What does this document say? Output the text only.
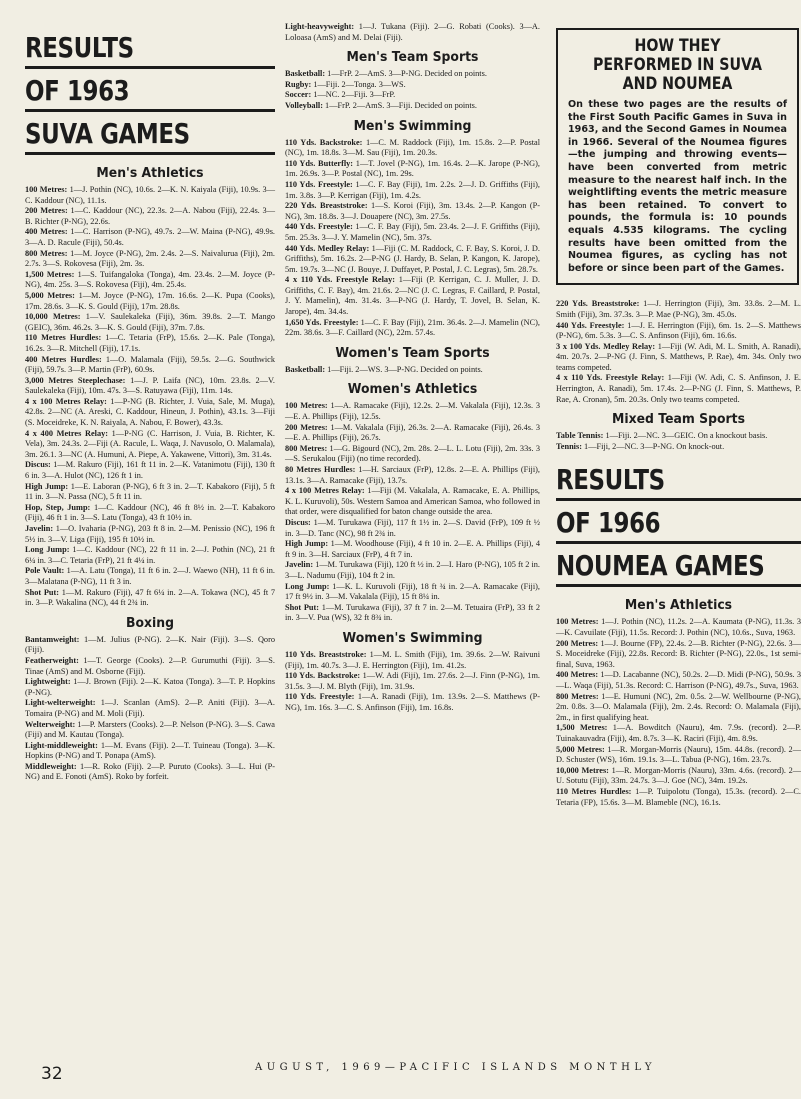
RESULTS
OF 1963
SUVA GAMES
Men's Athletics

100 Metres: 1—J. Pothin (NC), 10.6s. 2—K. N. Kaiyala (Fiji), 10.9s. 3—C. Kaddour (NC), 11.1s.

200 Metres: 1—C. Kaddour (NC), 22.3s. 2—A. Nabou (Fiji), 22.4s. 3—B. Richter (P-NG), 22.6s.

400 Metres: 1—C. Harrison (P-NG), 49.7s. 2—W. Maina (P-NG), 49.9s. 3—A. D. Racule (Fiji), 50.4s.

800 Metres: 1—M. Joyce (P-NG), 2m. 2.4s. 2—S. Naivalurua (Fiji), 2m. 2.7s. 3—S. Rokovesa (Fiji), 2m. 3s.

1,500 Metres: 1—S. Tuifangaloka (Tonga), 4m. 23.4s. 2—M. Joyce (P-NG), 4m. 25s. 3—S. Rokovesa (Fiji), 4m. 25.4s.

5,000 Metres: 1—M. Joyce (P-NG), 17m. 16.6s. 2—K. Pupa (Cooks), 17m. 28.6s. 3—K. S. Gould (Fiji), 17m. 28.8s.

10,000 Metres: 1—V. Saulekaleka (Fiji), 36m. 39.8s. 2—T. Mango (GEIC), 36m. 46.2s. 3—K. S. Gould (Fiji), 37m. 7.8s.

110 Metres Hurdles: 1—C. Tetaria (FrP), 15.6s. 2—K. Pale (Tonga), 16.2s. 3—R. Mitchell (Fiji), 17.1s.

400 Metres Hurdles: 1—O. Malamala (Fiji), 59.5s. 2—G. Southwick (Fiji), 59.7s. 3—P. Martin (FrP), 60.9s.

3,000 Metres Steeplechase: 1—J. P. Laifa (NC), 10m. 23.8s. 2—V. Saulekaleka (Fiji), 10m. 47s. 3—S. Ratuyawa (Fiji), 11m. 14s.

4 x 100 Metres Relay: 1—P-NG (B. Richter, J. Vuia, Sale, M. Muga), 42.8s. 2—NC (A. Areski, C. Kaddour, Hineun, J. Pothin), 43.1s. 3—Fiji (S. Moceidreke, K. N. Raiyala, A. Nabou, F. Bower), 43.3s.

4 x 400 Metres Relay: 1—P-NG (C. Harrison, J. Vuia, B. Richter, K. Vela), 3m. 24.3s. 2—Fiji (A. Racule, L. Waqa, J. Navusolo, O. Malamala), 3m. 26.1. 3—NC (A. Humuni, A. Piepe, A. Yakawene, Vittori), 3m. 31.4s.

Discus: 1—M. Rakuro (Fiji), 161 ft 11 in. 2—K. Vatanimotu (Fiji), 130 ft 6 in. 3—A. Hulot (NC), 126 ft 1 in.

High Jump: 1—E. Laboran (P-NG), 6 ft 3 in. 2—T. Kabakoro (Fiji), 5 ft 11 in. 3—N. Passa (NC), 5 ft 11 in.

Hop, Step, Jump: 1—C. Kaddour (NC), 46 ft 8½ in. 2—T. Kabakoro (Fiji), 46 ft 1 in. 3—S. Latu (Tonga), 43 ft 10½ in.

Javelin: 1—O. Ivaharia (P-NG), 203 ft 8 in. 2—M. Penissio (NC), 196 ft 5½ in. 3—V. Liga (Fiji), 195 ft 10½ in.

Long Jump: 1—C. Kaddour (NC), 22 ft 11 in. 2—J. Pothin (NC), 21 ft 6¼ in. 3—C. Tetaria (FrP), 21 ft 4¼ in.

Pole Vault: 1—A. Latu (Tonga), 11 ft 6 in. 2—J. Waewo (NH), 11 ft 6 in. 3—Malatana (P-NG), 11 ft 3 in.

Shot Put: 1—M. Rakuro (Fiji), 47 ft 6¼ in. 2—A. Tokawa (NC), 45 ft 7 in. 3—P. Wakalina (NC), 44 ft 2¾ in.

Boxing

Bantamweight: 1—M. Julius (P-NG). 2—K. Nair (Fiji). 3—S. Qoro (Fiji).

Featherweight: 1—T. George (Cooks). 2—P. Gurumuthi (Fiji). 3—S. Tinae (AmS) and M. Osborne (Fiji).

Lightweight: 1—J. Brown (Fiji). 2—K. Katoa (Tonga). 3—T. P. Hopkins (P-NG).

Light-welterweight: 1—J. Scanlan (AmS). 2—P. Aniti (Fiji). 3—A. Tomaira (P-NG) and M. Moli (Fiji).

Welterweight: 1—P. Marsters (Cooks). 2—P. Nelson (P-NG). 3—S. Cawa (Fiji) and M. Kautau (Tonga).

Light-middleweight: 1—M. Evans (Fiji). 2—T. Tuineau (Tonga). 3—K. Hopkins (P-NG) and T. Ponapa (AmS).

Middleweight: 1—R. Roko (Fiji). 2—P. Puruto (Cooks). 3—L. Hui (P-NG) and E. Fonoti (AmS). Roko by forfeit.

Light-heavyweight: 1—J. Tukana (Fiji). 2—G. Robati (Cooks). 3—A. Loloasa (AmS) and M. Delai (Fiji).

Men's Team Sports

Basketball: 1—FrP. 2—AmS. 3—P-NG. Decided on points.

Rugby: 1—Fiji. 2—Tonga. 3—WS.

Soccer: 1—NC. 2—Fiji. 3—FrP.

Volleyball: 1—FrP. 2—AmS. 3—Fiji. Decided on points.

Men's Swimming

110 Yds. Backstroke: 1—C. M. Raddock (Fiji), 1m. 15.8s. 2—P. Postal (NC), 1m. 18.8s. 3—M. Sau (Fiji), 1m. 20.3s.

110 Yds. Butterfly: 1—T. Jovel (P-NG), 1m. 16.4s. 2—K. Jarope (P-NG), 1m. 26.9s. 3—P. Postal (NC), 1m. 29s.

110 Yds. Freestyle: 1—C. F. Bay (Fiji), 1m. 2.2s. 2—J. D. Griffiths (Fiji), 1m. 3.8s. 3—P. Kerrigan (Fiji), 1m. 4.2s.

220 Yds. Breaststroke: 1—S. Koroi (Fiji), 3m. 13.4s. 2—P. Kangon (P-NG), 3m. 18.8s. 3—J. Douapere (NC), 3m. 27.5s.

440 Yds. Freestyle: 1—C. F. Bay (Fiji), 5m. 23.4s. 2—J. F. Griffiths (Fiji), 5m. 25.3s. 3—J. Y. Mamelin (NC), 5m. 37s.

440 Yds. Medley Relay: 1—Fiji (C. M. Raddock, C. F. Bay, S. Koroi, J. D. Griffiths), 5m. 16.2s. 2—P-NG (J. Hardy, B. Selan, P. Kangon, K. Jarope), 5m. 19.7s. 3—NC (J. Bouye, J. Duffayet, P. Postal, J. C. Legras), 5m. 28.7s.

4 x 110 Yds. Freestyle Relay: 1—Fiji (P. Kerrigan, C. J. Muller, J. D. Griffiths, C. F. Bay), 4m. 21.6s. 2—NC (J. C. Legras, F. Caillard, P. Postal, J. Y. Mamelin), 4m. 31.4s. 3—P-NG (J. Hardy, T. Jovel, B. Selan, K. Jarope), 4m. 34.4s.

1,650 Yds. Freestyle: 1—C. F. Bay (Fiji), 21m. 36.4s. 2—J. Mamelin (NC), 22m. 38.6s. 3—F. Caillard (NC), 22m. 57.4s.

Women's Team Sports

Basketball: 1—Fiji. 2—WS. 3—P-NG. Decided on points.

Women's Athletics

100 Metres: 1—A. Ramacake (Fiji), 12.2s. 2—M. Vakalala (Fiji), 12.3s. 3—E. A. Phillips (Fiji), 12.5s.

200 Metres: 1—M. Vakalala (Fiji), 26.3s. 2—A. Ramacake (Fiji), 26.4s. 3—E. A. Phillips (Fiji), 26.7s.

800 Metres: 1—G. Bigourd (NC), 2m. 28s. 2—L. L. Lotu (Fiji), 2m. 33s. 3—S. Serukalou (Fiji) (no time recorded).

80 Metres Hurdles: 1—H. Sarciaux (FrP), 12.8s. 2—E. A. Phillips (Fiji), 13.1s. 3—A. Ramacake (Fiji), 13.7s.

4 x 100 Metres Relay: 1—Fiji (M. Vakalala, A. Ramacake, E. A. Phillips, K. L. Kuruvoli), 50s. Western Samoa and American Samoa, who followed in that order, were disqualified for baton change outside the area.

Discus: 1—M. Turukawa (Fiji), 117 ft 1½ in. 2—S. David (FrP), 109 ft ½ in. 3—D. Tanc (NC), 98 ft 2¾ in.

High Jump: 1—M. Woodhouse (Fiji), 4 ft 10 in. 2—E. A. Phillips (Fiji), 4 ft 9 in. 3—H. Sarciaux (FrP), 4 ft 7 in.

Javelin: 1—M. Turukawa (Fiji), 120 ft ½ in. 2—I. Haro (P-NG), 105 ft 2 in. 3—L. Nadumu (Fiji), 104 ft 2 in.

Long Jump: 1—K. L. Kuruvoli (Fiji), 18 ft ¾ in. 2—A. Ramacake (Fiji), 17 ft 9½ in. 3—M. Vakalala (Fiji), 15 ft 8¼ in.

Shot Put: 1—M. Turukawa (Fiji), 37 ft 7 in. 2—M. Tetuaira (FrP), 33 ft 2 in. 3—V. Pua (WS), 32 ft 8¾ in.

Women's Swimming

110 Yds. Breaststroke: 1—M. L. Smith (Fiji), 1m. 39.6s. 2—W. Raivuni (Fiji), 1m. 40.7s. 3—J. E. Herrington (Fiji), 1m. 41.2s.

110 Yds. Backstroke: 1—W. Adi (Fiji), 1m. 27.6s. 2—J. Finn (P-NG), 1m. 31.5s. 3—J. M. Blyth (Fiji), 1m. 31.9s.

110 Yds. Freestyle: 1—A. Ranadi (Fiji), 1m. 13.9s. 2—S. Matthews (P-NG), 1m. 16s. 3—C. S. Anfinson (Fiji), 1m. 16.8s.

HOW THEY PERFORMED IN SUVA AND NOUMEA
On these two pages are the results of the First South Pacific Games in Suva in 1963, and the Second Games in Noumea in 1966. Several of the Noumea figures—the jumping and throwing events—have been converted from metric measure to the nearest half inch. In the weightlifting events the metric measure has been retained. To convert to pounds, the formula is: 10 pounds equals 4.535 kilograms. The cycling results have been omitted from the Noumea figures, as cycling has not before or since been part of the Games.

220 Yds. Breaststroke: 1—J. Herrington (Fiji), 3m. 33.8s. 2—M. L. Smith (Fiji), 3m. 37.3s. 3—P. Mae (P-NG), 3m. 45.0s.

440 Yds. Freestyle: 1—J. E. Herrington (Fiji), 6m. 1s. 2—S. Matthews (P-NG), 6m. 5.3s. 3—C. S. Anfinson (Fiji), 6m. 16.6s.

3 x 100 Yds. Medley Relay: 1—Fiji (W. Adi, M. L. Smith, A. Ranadi), 4m. 20.7s. 2—P-NG (J. Finn, S. Matthews, P. Rae), 4m. 34s. Only two teams competed.

4 x 110 Yds. Freestyle Relay: 1—Fiji (W. Adi, C. S. Anfinson, J. E. Herrington, A. Ranadi), 5m. 17.4s. 2—P-NG (J. Finn, S. Matthews, P. Rae, A. Cronan), 5m. 20.3s. Only two teams competed.

Mixed Team Sports

Table Tennis: 1—Fiji. 2—NC. 3—GEIC. On a knockout basis.

Tennis: 1—Fiji, 2—NC. 3—P-NG. On knock-out.

RESULTS
OF 1966
NOUMEA GAMES
Men's Athletics

100 Metres: 1—J. Pothin (NC), 11.2s. 2—A. Kaumata (P-NG), 11.3s. 3—K. Cavuilate (Fiji), 11.5s. Record: J. Pothin (NC), 10.6s., Suva, 1963.

200 Metres: 1—J. Bourne (FP), 22.4s. 2—B. Richter (P-NG), 22.6s. 3—S. Moceidreke (Fiji), 22.8s. Record: B. Richter (P-NG), 22.0s., 1st semi-final, Suva, 1963.

400 Metres: 1—D. Lacabanne (NC), 50.2s. 2—D. Midi (P-NG), 50.9s. 3—L. Waqa (Fiji), 51.3s. Record: C. Harrison (P-NG), 49.7s., Suva, 1963.

800 Metres: 1—E. Humuni (NC), 2m. 0.5s. 2—W. Wellbourne (P-NG), 2m. 0.8s. 3—O. Malamala (Fiji), 2m. 2.4s. Record: O. Malamala (Fiji), 2m., in first qualifying heat.

1,500 Metres: 1—A. Bowditch (Nauru), 4m. 7.9s. (record). 2—P. Tuinakauvadra (Fiji), 4m. 8.7s. 3—K. Raciri (Fiji), 4m. 8.9s.

5,000 Metres: 1—R. Morgan-Morris (Nauru), 15m. 44.8s. (record). 2—D. Schuster (WS), 16m. 19.1s. 3—L. Tabua (P-NG), 16m. 23.7s.

10,000 Metres: 1—R. Morgan-Morris (Nauru), 33m. 4.6s. (record). 2—U. Sotutu (Fiji), 33m. 24.7s. 3—J. Goe (NC), 34m. 19.2s.

110 Metres Hurdles: 1—P. Tuipolotu (Tonga), 15.3s. (record). 2—C. Tetaria (FP), 15.6s. 3—M. Blameble (NC), 16.1s.

32	AUGUST, 1969—PACIFIC ISLANDS MONTHLY
